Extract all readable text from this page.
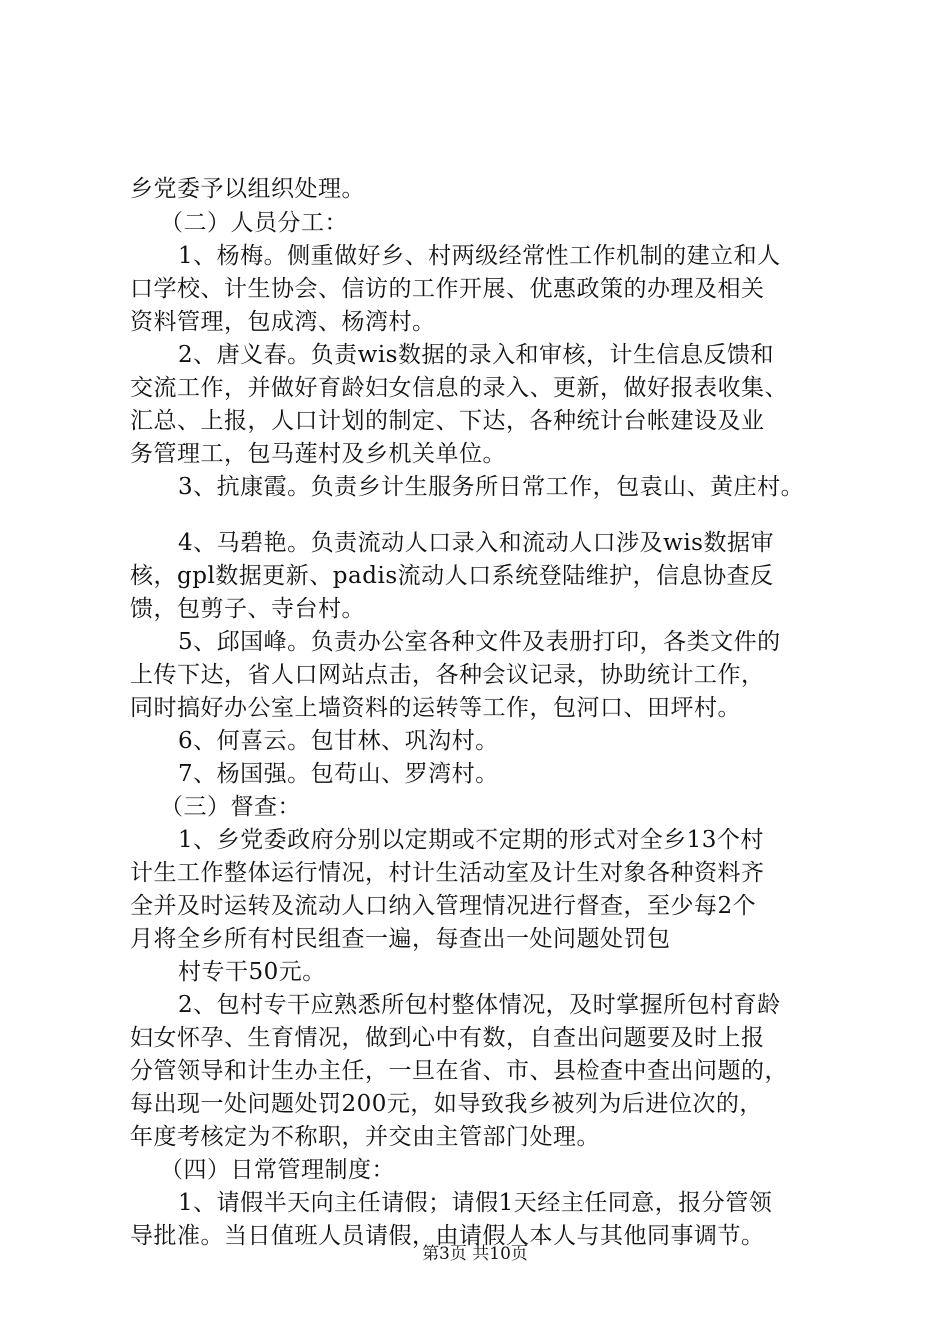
乡党委予以组织处理。
（二）人员分工：
1、杨梅。侧重做好乡、村两级经常性工作机制的建立和人
口学校、计生协会、信访的工作开展、优惠政策的办理及相关
资料管理，包成湾、杨湾村。
2、唐义春。负责wis数据的录入和审核，计生信息反馈和
交流工作，并做好育龄妇女信息的录入、更新，做好报表收集、
汇总、上报，人口计划的制定、下达，各种统计台帐建设及业
务管理工，包马莲村及乡机关单位。
3、抗康霞。负责乡计生服务所日常工作，包袁山、黄庄村。
4、马碧艳。负责流动人口录入和流动人口涉及wis数据审
核，gpl数据更新、padis流动人口系统登陆维护，信息协查反
馈，包剪子、寺台村。
5、邱国峰。负责办公室各种文件及表册打印，各类文件的
上传下达，省人口网站点击，各种会议记录，协助统计工作，
同时搞好办公室上墙资料的运转等工作，包河口、田坪村。
6、何喜云。包甘林、巩沟村。
7、杨国强。包苟山、罗湾村。
（三）督查：
1、乡党委政府分别以定期或不定期的形式对全乡13个村
计生工作整体运行情况，村计生活动室及计生对象各种资料齐
全并及时运转及流动人口纳入管理情况进行督查，至少每2个
月将全乡所有村民组查一遍，每查出一处问题处罚包
村专干50元。
2、包村专干应熟悉所包村整体情况，及时掌握所包村育龄
妇女怀孕、生育情况，做到心中有数，自查出问题要及时上报
分管领导和计生办主任，一旦在省、市、县检查中查出问题的，
每出现一处问题处罚200元，如导致我乡被列为后进位次的，
年度考核定为不称职，并交由主管部门处理。
（四）日常管理制度：
1、请假半天向主任请假；请假1天经主任同意，报分管领
导批准。当日值班人员请假，由请假人本人与其他同事调节。
第3页 共10页
